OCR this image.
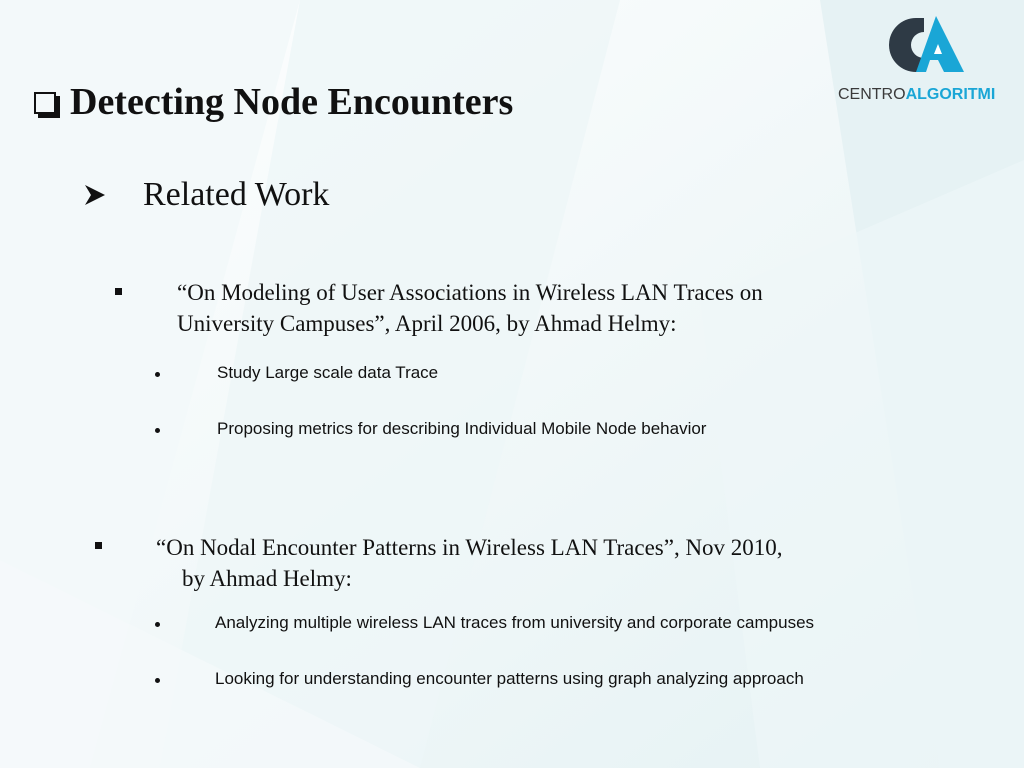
CENTROALGORITMI
Detecting Node Encounters
Related Work
“On Modeling of User Associations in Wireless LAN Traces on
University Campuses”, April 2006, by Ahmad Helmy:
Study Large scale data Trace
Proposing metrics for describing Individual Mobile Node behavior
“On Nodal Encounter Patterns in Wireless LAN Traces”, Nov 2010,
by Ahmad Helmy:
Analyzing multiple wireless LAN traces from university and corporate campuses
Looking for understanding encounter patterns using graph analyzing approach
